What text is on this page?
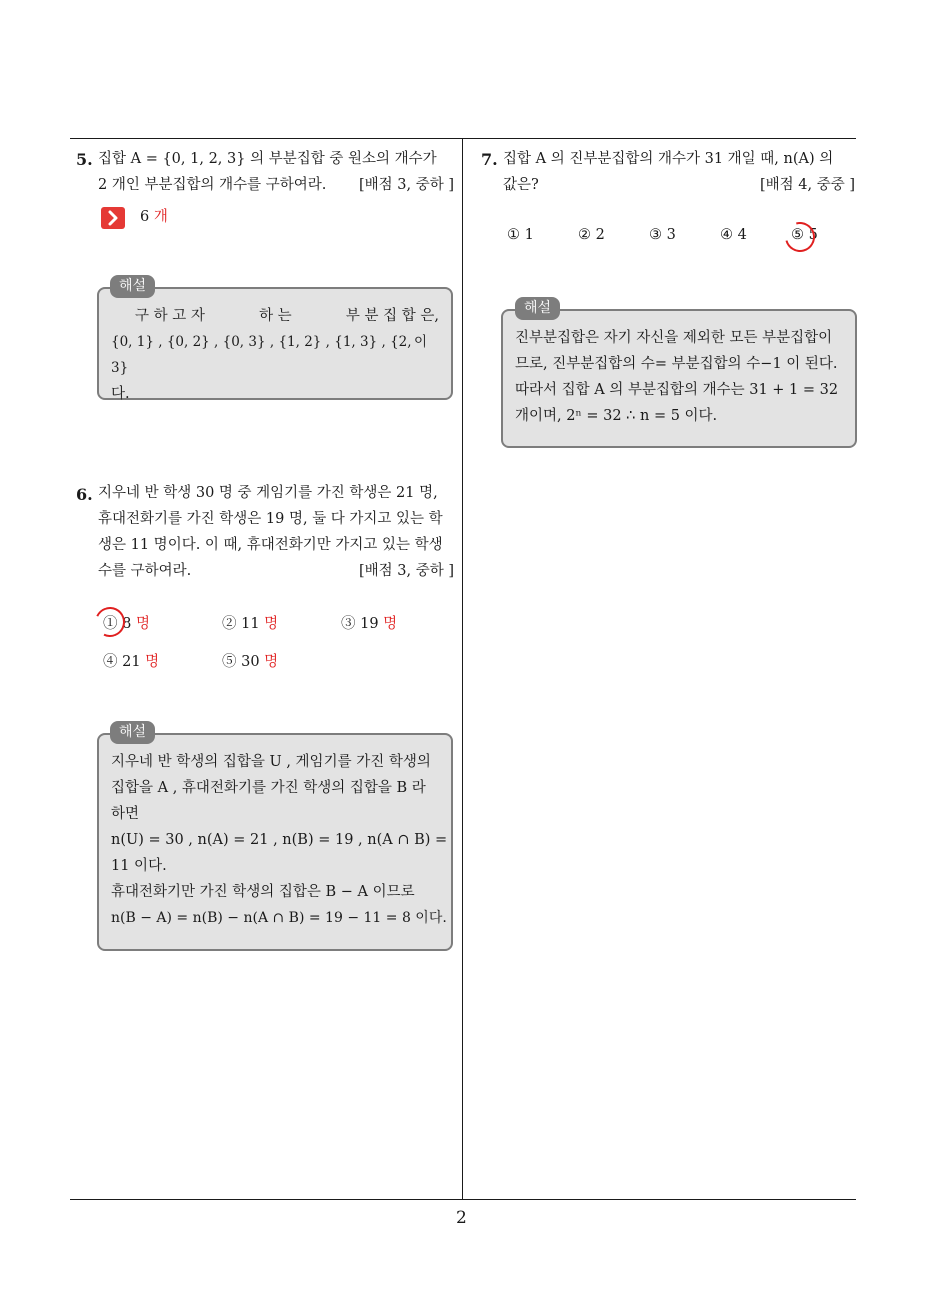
5. 집합 A = {0, 1, 2, 3} 의 부분집합 중 원소의 개수가
2 개인 부분집합의 개수를 구하여라. [배점 3, 중하 ]
6 개
구 하 고 자	하 는	부 분 집 합 은,
{0, 1} , {0, 2} , {0, 3} , {1, 2} , {1, 3} , {2, 3}
이
다.
해설
6. 지우네 반 학생 30 명 중 게임기를 가진 학생은 21 명,
휴대전화기를 가진 학생은 19 명, 둘 다 가지고 있는 학
생은 11 명이다. 이 때, 휴대전화기만 가지고 있는 학생
수를 구하여라.	[배점 3, 중하 ]
① 8 명	② 11 명	③ 19 명
④ 21 명	⑤ 30 명
지우네 반 학생의 집합을 U , 게임기를 가진 학생의
집합을 A , 휴대전화기를 가진 학생의 집합을 B 라
하면
n(U) = 30 , n(A) = 21 , n(B) = 19 , n(A ∩ B) =
11 이다.
휴대전화기만 가진 학생의 집합은 B − A 이므로
n(B − A) = n(B) − n(A ∩ B) = 19 − 11 = 8 이다.
해설
7. 집합 A 의 진부분집합의 개수가 31 개일 때, n(A) 의
값은?	[배점 4, 중중 ]
① 1	② 2	③ 3	④ 4	⑤ 5
진부분집합은 자기 자신을 제외한 모든 부분집합이
므로, 진부분집합의 수= 부분집합의 수−1 이 된다.
따라서 집합 A 의 부분집합의 개수는 31 + 1 = 32
개이며, 2ⁿ = 32 ∴ n = 5 이다.
해설
2
